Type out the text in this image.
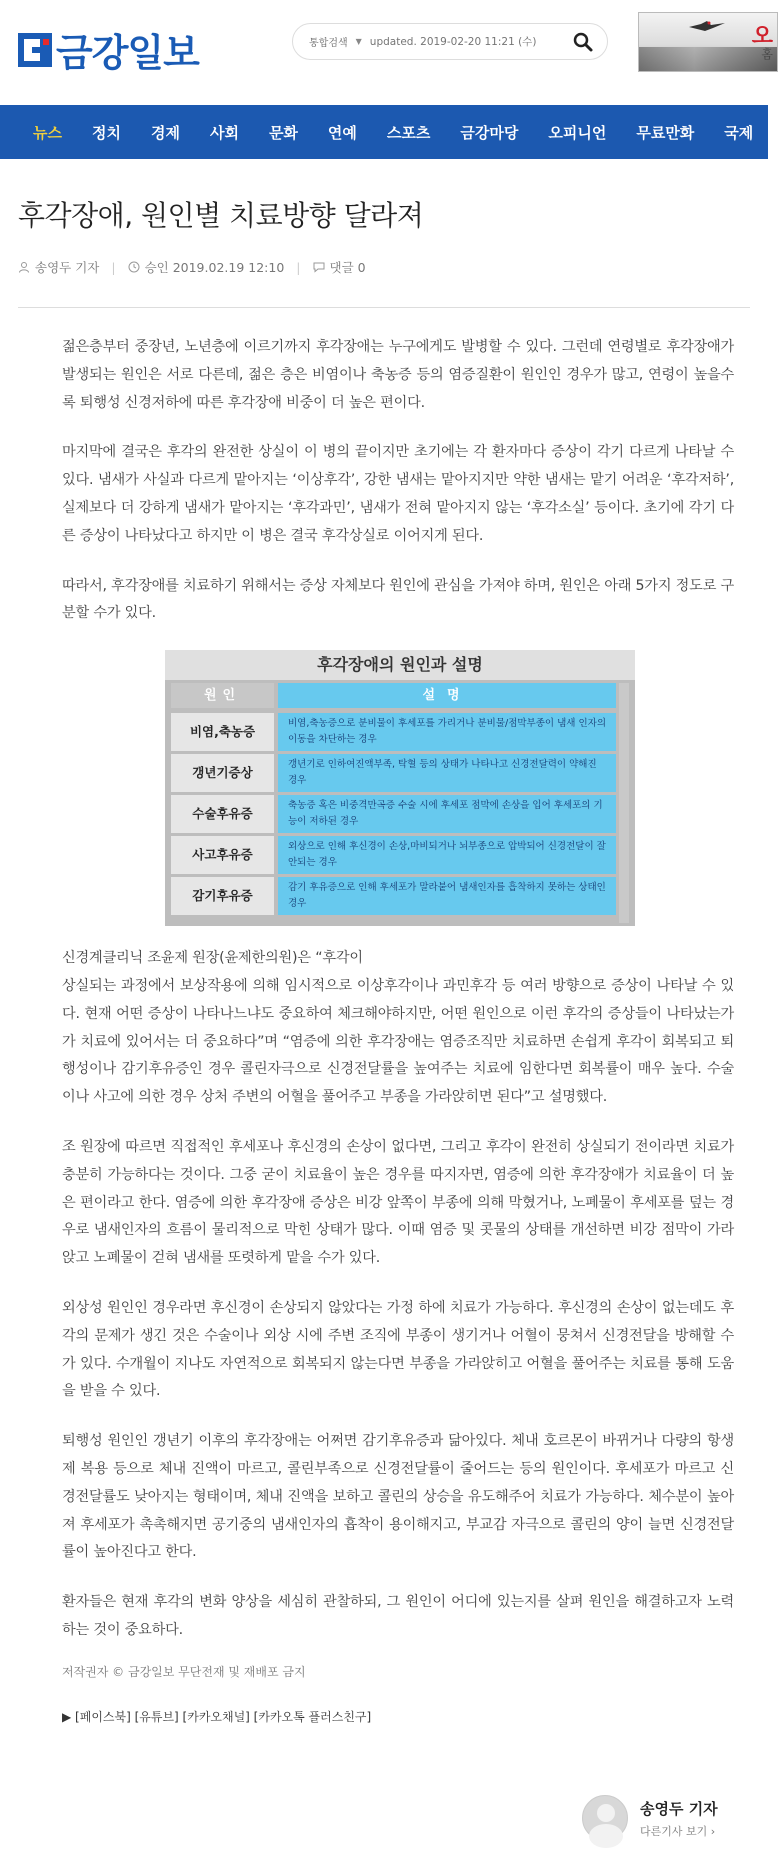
금강일보	통합검색 ▼
updated. 2019-02-20 11:21 (수)	오
홈
뉴스 정치 경제 사회 문화 연예 스포츠 금강마당 오피니언 무료만화 국제
후각장애, 원인별 치료방향 달라져
송영두 기자 | 승인 2019.02.19 12:10 | 댓글 0

젊은층부터 중장년, 노년층에 이르기까지 후각장애는 누구에게도 발병할 수 있다. 그런데 연령별로 후각장애가 발생되는 원인은 서로 다른데, 젊은 층은 비염이나 축농증 등의 염증질환이 원인인 경우가 많고, 연령이 높을수록 퇴행성 신경저하에 따른 후각장애 비중이 더 높은 편이다.

마지막에 결국은 후각의 완전한 상실이 이 병의 끝이지만 초기에는 각 환자마다 증상이 각기 다르게 나타날 수 있다. 냄새가 사실과 다르게 맡아지는 ‘이상후각’, 강한 냄새는 맡아지지만 약한 냄새는 맡기 어려운 ‘후각저하’, 실제보다 더 강하게 냄새가 맡아지는 ‘후각과민’, 냄새가 전혀 맡아지지 않는 ‘후각소실’ 등이다. 초기에 각기 다른 증상이 나타났다고 하지만 이 병은 결국 후각상실로 이어지게 된다.

따라서, 후각장애를 치료하기 위해서는 증상 자체보다 원인에 관심을 가져야 하며, 원인은 아래 5가지 정도로 구분할 수가 있다.

후각장애의 원인과 설명
원인	설명
비염,축농증
비염,축농증으로 분비물이 후세포를 가리거나 분비물/점막부종이 냄새 인자의 이동을 차단하는 경우
갱년기증상
갱년기로 인하여진액부족, 탁혈 등의 상태가 나타나고 신경전달력이 약해진 경우
수술후유증
축농증 혹은 비중격만곡증 수술 시에 후세포 점막에 손상을 입어 후세포의 기능이 저하된 경우
사고후유증
외상으로 인해 후신경이 손상,마비되거나 뇌부종으로 압박되어 신경전달이 잘 안되는 경우
감기후유증
감기 후유증으로 인해 후세포가 말라붙어 냄새인자를 흡착하지 못하는 상태인 경우

신경계클리닉 조윤제 원장(윤제한의원)은 “후각이
상실되는 과정에서 보상작용에 의해 임시적으로 이상후각이나 과민후각 등 여러 방향으로 증상이 나타날 수 있다. 현재 어떤 증상이 나타나느냐도 중요하여 체크해야하지만, 어떤 원인으로 이런 후각의 증상들이 나타났는가가 치료에 있어서는 더 중요하다”며 “염증에 의한 후각장애는 염증조직만 치료하면 손쉽게 후각이 회복되고 퇴행성이나 감기후유증인 경우 콜린자극으로 신경전달률을 높여주는 치료에 임한다면 회복률이 매우 높다. 수술이나 사고에 의한 경우 상처 주변의 어혈을 풀어주고 부종을 가라앉히면 된다”고 설명했다.

조 원장에 따르면 직접적인 후세포나 후신경의 손상이 없다면, 그리고 후각이 완전히 상실되기 전이라면 치료가 충분히 가능하다는 것이다. 그중 굳이 치료율이 높은 경우를 따지자면, 염증에 의한 후각장애가 치료율이 더 높은 편이라고 한다. 염증에 의한 후각장애 증상은 비강 앞쪽이 부종에 의해 막혔거나, 노폐물이 후세포를 덮는 경우로 냄새인자의 흐름이 물리적으로 막힌 상태가 많다. 이때 염증 및 콧물의 상태를 개선하면 비강 점막이 가라앉고 노폐물이 걷혀 냄새를 또렷하게 맡을 수가 있다.

외상성 원인인 경우라면 후신경이 손상되지 않았다는 가정 하에 치료가 가능하다. 후신경의 손상이 없는데도 후각의 문제가 생긴 것은 수술이나 외상 시에 주변 조직에 부종이 생기거나 어혈이 뭉쳐서 신경전달을 방해할 수가 있다. 수개월이 지나도 자연적으로 회복되지 않는다면 부종을 가라앉히고 어혈을 풀어주는 치료를 통해 도움을 받을 수 있다.

퇴행성 원인인 갱년기 이후의 후각장애는 어쩌면 감기후유증과 닮아있다. 체내 호르몬이 바뀌거나 다량의 항생제 복용 등으로 체내 진액이 마르고, 콜린부족으로 신경전달률이 줄어드는 등의 원인이다. 후세포가 마르고 신경전달률도 낮아지는 형태이며, 체내 진액을 보하고 콜린의 상승을 유도해주어 치료가 가능하다. 체수분이 높아져 후세포가 촉촉해지면 공기중의 냄새인자의 흡착이 용이해지고, 부교감 자극으로 콜린의 양이 늘면 신경전달률이 높아진다고 한다.

환자들은 현재 후각의 변화 양상을 세심히 관찰하되, 그 원인이 어디에 있는지를 살펴 원인을 해결하고자 노력하는 것이 중요하다.

저작권자 © 금강일보 무단전재 및 재배포 금지
▶ [페이스북] [유튜브] [카카오채널] [카카오톡 플러스친구]
송영두 기자
다른기사 보기 ›
